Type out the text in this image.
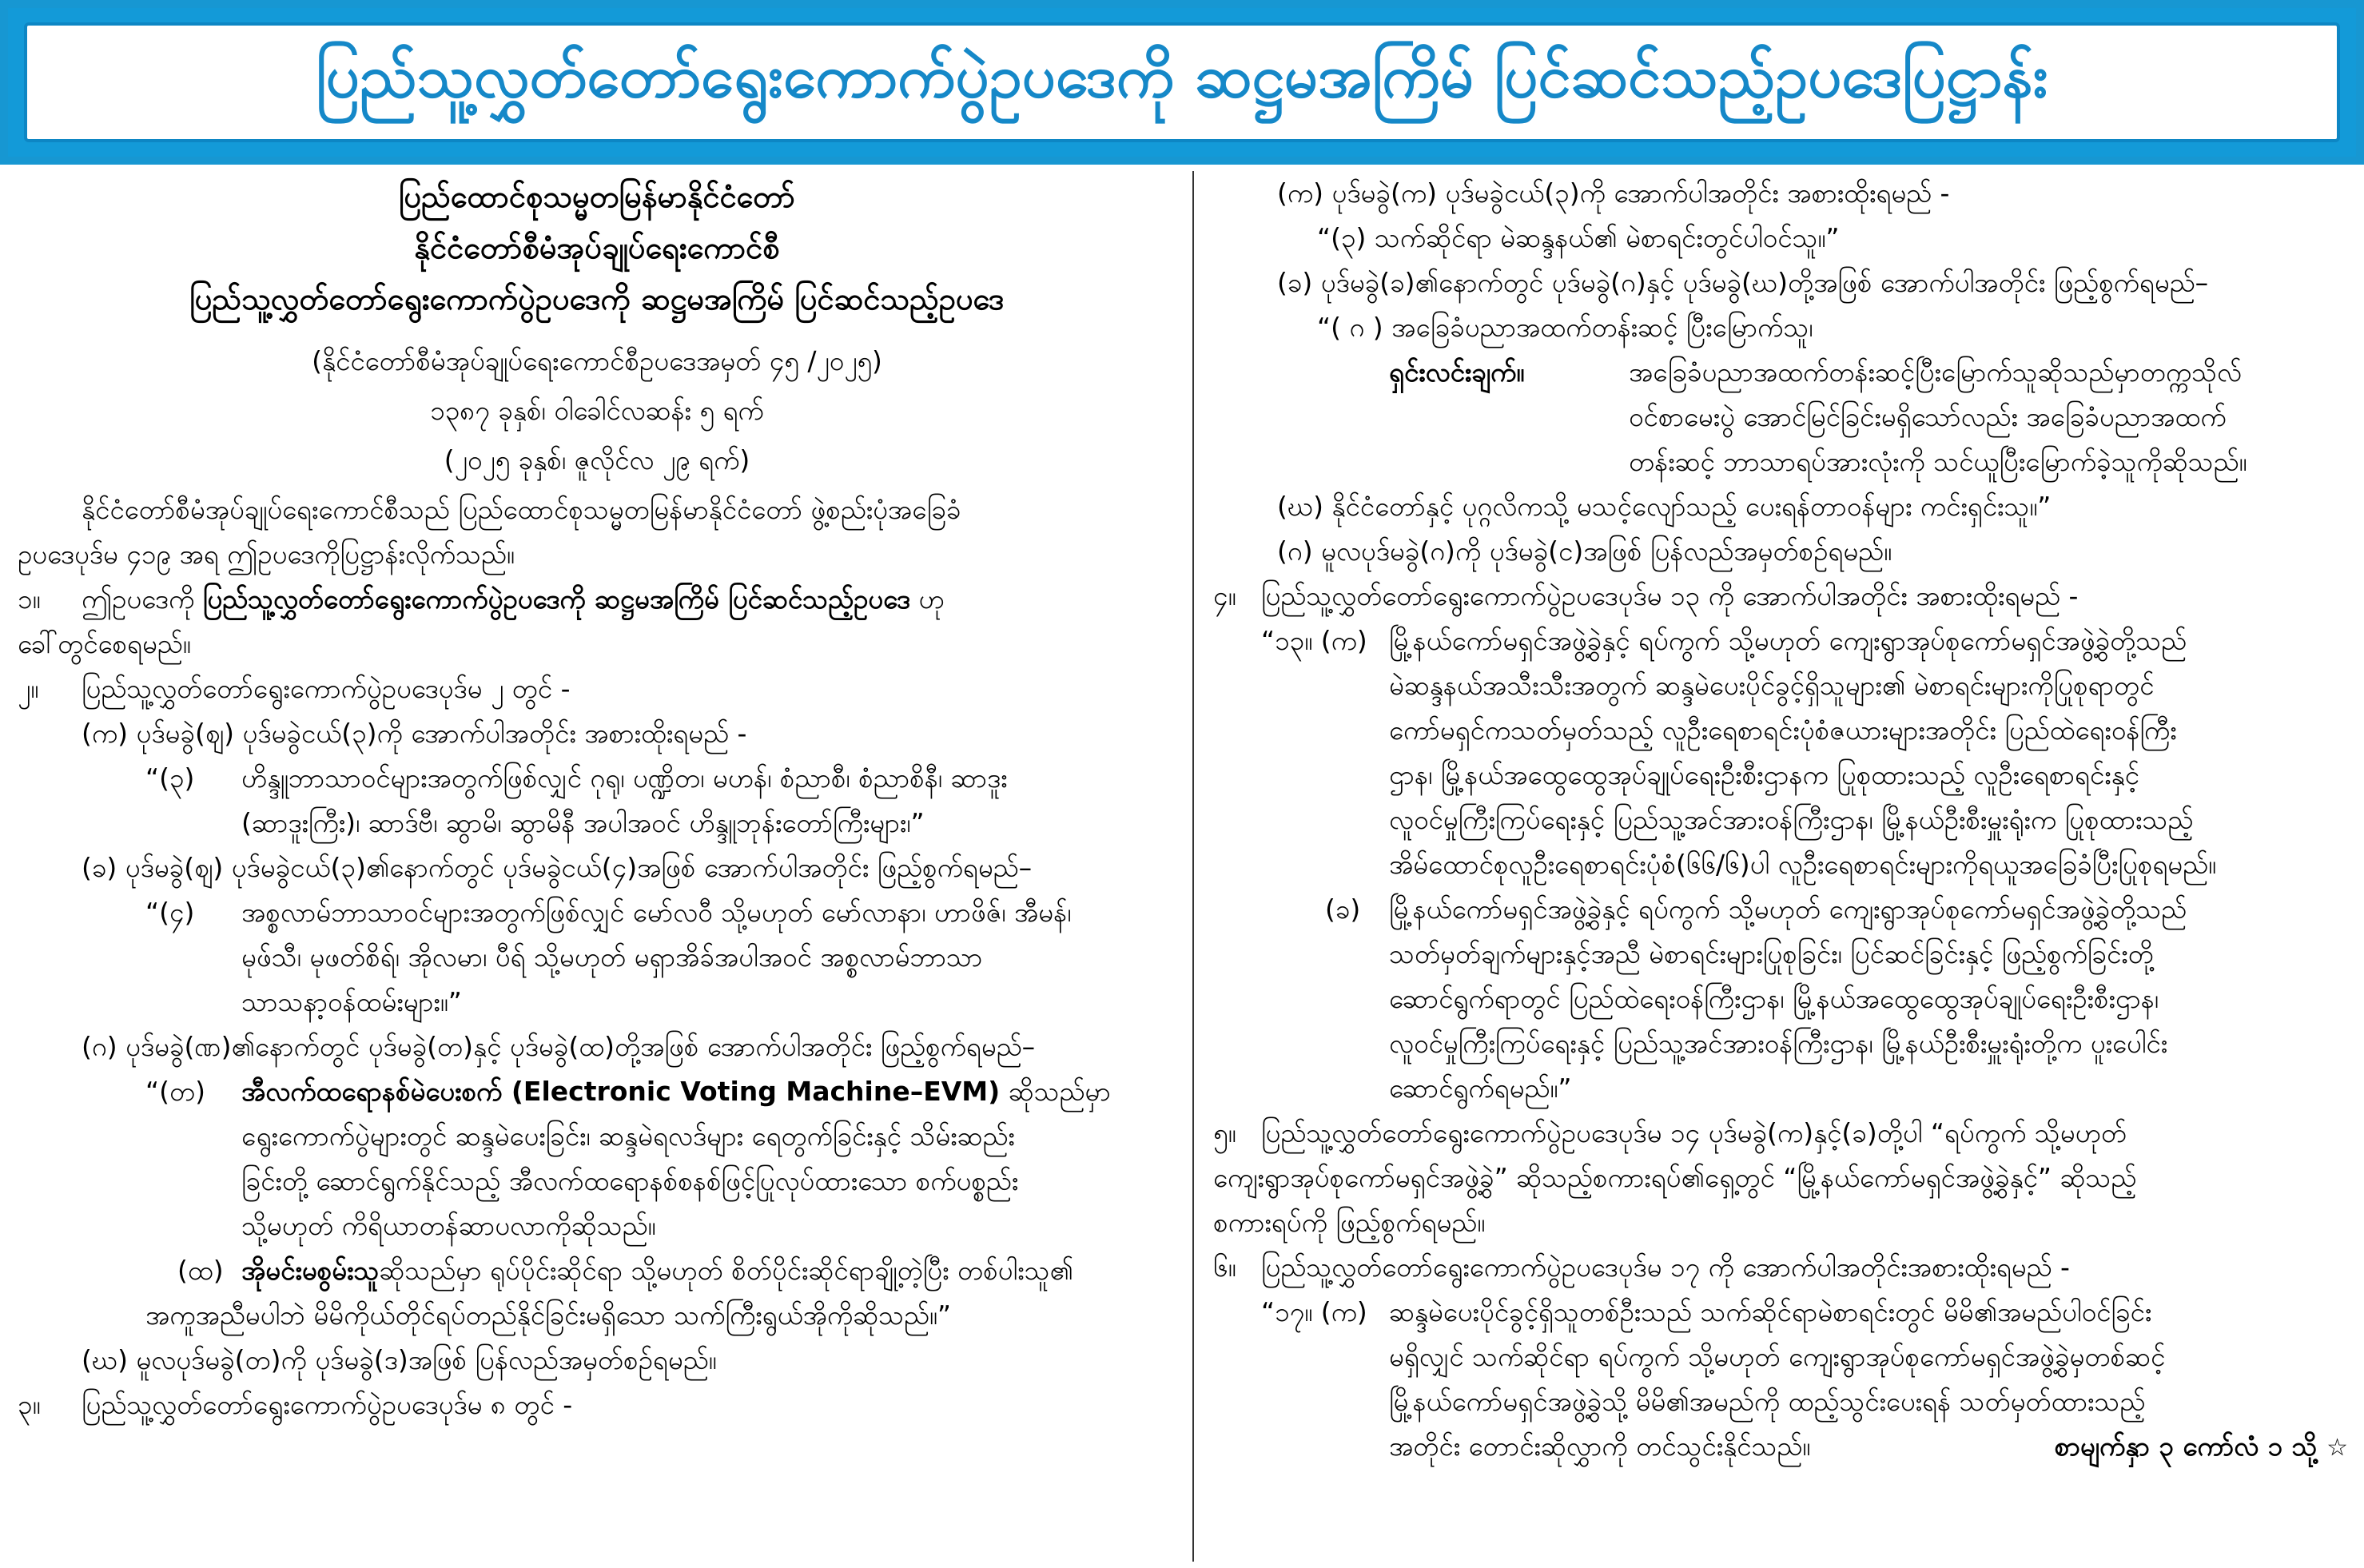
ပြည်သူ့လွှတ်တော်ရွေးကောက်ပွဲဥပဒေကို ဆဋ္ဌမအကြိမ် ပြင်ဆင်သည့်ဥပဒေပြဋ္ဌာန်း
ပြည်ထောင်စုသမ္မတမြန်မာနိုင်ငံတော်
နိုင်ငံတော်စီမံအုပ်ချုပ်ရေးကောင်စီ
ပြည်သူ့လွှတ်တော်ရွေးကောက်ပွဲဥပဒေကို ဆဋ္ဌမအကြိမ် ပြင်ဆင်သည့်ဥပဒေ
(နိုင်ငံတော်စီမံအုပ်ချုပ်ရေးကောင်စီဥပဒေအမှတ် ၄၅ /၂၀၂၅)
၁၃၈၇ ခုနှစ်၊ ဝါခေါင်လဆန်း ၅ ရက်
(၂၀၂၅ ခုနှစ်၊ ဇူလိုင်လ ၂၉ ရက်)
နိုင်ငံတော်စီမံအုပ်ချုပ်ရေးကောင်စီသည် ပြည်ထောင်စုသမ္မတမြန်မာနိုင်ငံတော် ဖွဲ့စည်းပုံအခြေခံ
ဥပဒေပုဒ်မ ၄၁၉ အရ ဤဥပဒေကိုပြဋ္ဌာန်းလိုက်သည်။
၁။	ဤဥပဒေကို ပြည်သူ့လွှတ်တော်ရွေးကောက်ပွဲဥပဒေကို ဆဋ္ဌမအကြိမ် ပြင်ဆင်သည့်ဥပဒေ ဟု
ခေါ်တွင်စေရမည်။
၂။	ပြည်သူ့လွှတ်တော်ရွေးကောက်ပွဲဥပဒေပုဒ်မ ၂ တွင် -
(က) ပုဒ်မခွဲ(ဈ) ပုဒ်မခွဲငယ်(၃)ကို အောက်ပါအတိုင်း အစားထိုးရမည် -
“(၃)	ဟိန္ဒူဘာသာဝင်များအတွက်ဖြစ်လျှင် ဂုရု၊ ပဏ္ဍိတ၊ မဟန်၊ စံညာစီ၊ စံညာစိနီ၊ ဆာဒူး
(ဆာဒူးကြီး)၊ ဆာဒ်ဗီ၊ ဆွာမိ၊ ဆွာမိနီ အပါအဝင် ဟိန္ဒူဘုန်းတော်ကြီးများ၊”
(ခ) ပုဒ်မခွဲ(ဈ) ပုဒ်မခွဲငယ်(၃)၏နောက်တွင် ပုဒ်မခွဲငယ်(၄)အဖြစ် အောက်ပါအတိုင်း ဖြည့်စွက်ရမည်–
“(၄)	အစ္စလာမ်ဘာသာဝင်များအတွက်ဖြစ်လျှင် မော်လဝီ သို့မဟုတ် မော်လာနာ၊ ဟာဖိဇ်၊ အီမန်၊
မုဖ်သီ၊ မုဖတ်စိရ်၊ အိုလမာ၊ ပီရ် သို့မဟုတ် မရှာအိခ်အပါအဝင် အစ္စလာမ်ဘာသာ
သာသနာ့ဝန်ထမ်းများ။”
(ဂ) ပုဒ်မခွဲ(ဏ)၏နောက်တွင် ပုဒ်မခွဲ(တ)နှင့် ပုဒ်မခွဲ(ထ)တို့အဖြစ် အောက်ပါအတိုင်း ဖြည့်စွက်ရမည်–
“(တ)	အီလက်ထရောနစ်မဲပေးစက် (Electronic Voting Machine–EVM) ဆိုသည်မှာ
ရွေးကောက်ပွဲများတွင် ဆန္ဒမဲပေးခြင်း၊ ဆန္ဒမဲရလဒ်များ ရေတွက်ခြင်းနှင့် သိမ်းဆည်း
ခြင်းတို့ ဆောင်ရွက်နိုင်သည့် အီလက်ထရောနစ်စနစ်ဖြင့်ပြုလုပ်ထားသော စက်ပစ္စည်း
သို့မဟုတ် ကိရိယာတန်ဆာပလာကိုဆိုသည်။
(ထ) အိုမင်းမစွမ်းသူဆိုသည်မှာ ရုပ်ပိုင်းဆိုင်ရာ သို့မဟုတ် စိတ်ပိုင်းဆိုင်ရာချို့တဲ့ပြီး တစ်ပါးသူ၏
အကူအညီမပါဘဲ မိမိကိုယ်တိုင်ရပ်တည်နိုင်ခြင်းမရှိသော သက်ကြီးရွယ်အိုကိုဆိုသည်။”
(ဃ) မူလပုဒ်မခွဲ(တ)ကို ပုဒ်မခွဲ(ဒ)အဖြစ် ပြန်လည်အမှတ်စဉ်ရမည်။
၃။	ပြည်သူ့လွှတ်တော်ရွေးကောက်ပွဲဥပဒေပုဒ်မ ၈ တွင် -
(က) ပုဒ်မခွဲ(က) ပုဒ်မခွဲငယ်(၃)ကို အောက်ပါအတိုင်း အစားထိုးရမည် -
“(၃) သက်ဆိုင်ရာ မဲဆန္ဒနယ်၏ မဲစာရင်းတွင်ပါဝင်သူ။”
(ခ) ပုဒ်မခွဲ(ခ)၏နောက်တွင် ပုဒ်မခွဲ(ဂ)နှင့် ပုဒ်မခွဲ(ဃ)တို့အဖြစ် အောက်ပါအတိုင်း ဖြည့်စွက်ရမည်–
“( ဂ ) အခြေခံပညာအထက်တန်းဆင့် ပြီးမြောက်သူ၊
ရှင်းလင်းချက်။	အခြေခံပညာအထက်တန်းဆင့်ပြီးမြောက်သူဆိုသည်မှာတက္ကသိုလ်
ဝင်စာမေးပွဲ အောင်မြင်ခြင်းမရှိသော်လည်း အခြေခံပညာအထက်
တန်းဆင့် ဘာသာရပ်အားလုံးကို သင်ယူပြီးမြောက်ခဲ့သူကိုဆိုသည်။
(ဃ) နိုင်ငံတော်နှင့် ပုဂ္ဂလိကသို့ မသင့်လျော်သည့် ပေးရန်တာဝန်များ ကင်းရှင်းသူ။”
(ဂ) မူလပုဒ်မခွဲ(ဂ)ကို ပုဒ်မခွဲ(င)အဖြစ် ပြန်လည်အမှတ်စဉ်ရမည်။
၄။ ပြည်သူ့လွှတ်တော်ရွေးကောက်ပွဲဥပဒေပုဒ်မ ၁၃ ကို အောက်ပါအတိုင်း အစားထိုးရမည် -
“၁၃။ (က) မြို့နယ်ကော်မရှင်အဖွဲ့ခွဲနှင့် ရပ်ကွက် သို့မဟုတ် ကျေးရွာအုပ်စုကော်မရှင်အဖွဲ့ခွဲတို့သည်
မဲဆန္ဒနယ်အသီးသီးအတွက် ဆန္ဒမဲပေးပိုင်ခွင့်ရှိသူများ၏ မဲစာရင်းများကိုပြုစုရာတွင်
ကော်မရှင်ကသတ်မှတ်သည့် လူဦးရေစာရင်းပုံစံဇယားများအတိုင်း ပြည်ထဲရေးဝန်ကြီး
ဌာန၊ မြို့နယ်အထွေထွေအုပ်ချုပ်ရေးဦးစီးဌာနက ပြုစုထားသည့် လူဦးရေစာရင်းနှင့်
လူဝင်မှုကြီးကြပ်ရေးနှင့် ပြည်သူ့အင်အားဝန်ကြီးဌာန၊ မြို့နယ်ဦးစီးမှူးရုံးက ပြုစုထားသည့်
အိမ်ထောင်စုလူဦးရေစာရင်းပုံစံ(၆၆/၆)ပါ လူဦးရေစာရင်းများကိုရယူအခြေခံပြီးပြုစုရမည်။
(ခ)	မြို့နယ်ကော်မရှင်အဖွဲ့ခွဲနှင့် ရပ်ကွက် သို့မဟုတ် ကျေးရွာအုပ်စုကော်မရှင်အဖွဲ့ခွဲတို့သည်
သတ်မှတ်ချက်များနှင့်အညီ မဲစာရင်းများပြုစုခြင်း၊ ပြင်ဆင်ခြင်းနှင့် ဖြည့်စွက်ခြင်းတို့
ဆောင်ရွက်ရာတွင် ပြည်ထဲရေးဝန်ကြီးဌာန၊ မြို့နယ်အထွေထွေအုပ်ချုပ်ရေးဦးစီးဌာန၊
လူဝင်မှုကြီးကြပ်ရေးနှင့် ပြည်သူ့အင်အားဝန်ကြီးဌာန၊ မြို့နယ်ဦးစီးမှူးရုံးတို့က ပူးပေါင်း
ဆောင်ရွက်ရမည်။”
၅။ ပြည်သူ့လွှတ်တော်ရွေးကောက်ပွဲဥပဒေပုဒ်မ ၁၄ ပုဒ်မခွဲ(က)နှင့်(ခ)တို့ပါ “ရပ်ကွက် သို့မဟုတ်
ကျေးရွာအုပ်စုကော်မရှင်အဖွဲ့ခွဲ” ဆိုသည့်စကားရပ်၏ရှေ့တွင် “မြို့နယ်ကော်မရှင်အဖွဲ့ခွဲနှင့်” ဆိုသည့်
စကားရပ်ကို ဖြည့်စွက်ရမည်။
၆။ ပြည်သူ့လွှတ်တော်ရွေးကောက်ပွဲဥပဒေပုဒ်မ ၁၇ ကို အောက်ပါအတိုင်းအစားထိုးရမည် -
“၁၇။ (က) ဆန္ဒမဲပေးပိုင်ခွင့်ရှိသူတစ်ဦးသည် သက်ဆိုင်ရာမဲစာရင်းတွင် မိမိ၏အမည်ပါဝင်ခြင်း
မရှိလျှင် သက်ဆိုင်ရာ ရပ်ကွက် သို့မဟုတ် ကျေးရွာအုပ်စုကော်မရှင်အဖွဲ့ခွဲမှတစ်ဆင့်
မြို့နယ်ကော်မရှင်အဖွဲ့ခွဲသို့ မိမိ၏အမည်ကို ထည့်သွင်းပေးရန် သတ်မှတ်ထားသည့်
အတိုင်း တောင်းဆိုလွှာကို တင်သွင်းနိုင်သည်။	စာမျက်နှာ ၃ ကော်လံ ၁ သို့ ☆
